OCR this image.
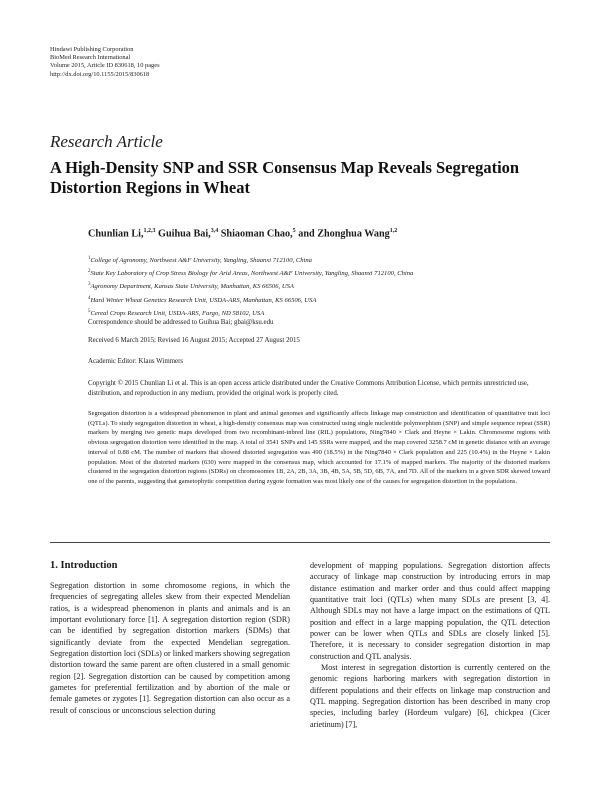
Hindawi Publishing Corporation
BioMed Research International
Volume 2015, Article ID 830618, 10 pages
http://dx.doi.org/10.1155/2015/830618
Research Article
A High-Density SNP and SSR Consensus Map Reveals Segregation Distortion Regions in Wheat
Chunlian Li,$^{1,2,3}$ Guihua Bai,$^{3,4}$ Shiaoman Chao,$^5$ and Zhonghua Wang$^{1,2}$
$^1$College of Agronomy, Northwest A&F University, Yangling, Shaanxi 712100, China
$^2$State Key Laboratory of Crop Stress Biology for Arid Areas, Northwest A&F University, Yangling, Shaanxi 712100, China
$^3$Agronomy Department, Kansas State University, Manhattan, KS 66506, USA
$^4$Hard Winter Wheat Genetics Research Unit, USDA-ARS, Manhattan, KS 66506, USA
$^5$Cereal Crops Research Unit, USDA-ARS, Fargo, ND 58102, USA
Correspondence should be addressed to Guihua Bai; gbai@ksu.edu
Received 6 March 2015; Revised 16 August 2015; Accepted 27 August 2015
Academic Editor: Klaus Wimmers
Copyright © 2015 Chunlian Li et al. This is an open access article distributed under the Creative Commons Attribution License, which permits unrestricted use, distribution, and reproduction in any medium, provided the original work is properly cited.
Segregation distortion is a widespread phenomenon in plant and animal genomes and significantly affects linkage map construction and identification of quantitative trait loci (QTLs). To study segregation distortion in wheat, a high-density consensus map was constructed using single nucleotide polymorphism (SNP) and simple sequence repeat (SSR) markers by merging two genetic maps developed from two recombinant-inbred line (RIL) populations, Ning7840 × Clark and Heyne × Lakin. Chromosome regions with obvious segregation distortion were identified in the map. A total of 3541 SNPs and 145 SSRs were mapped, and the map covered 3258.7 cM in genetic distance with an average interval of 0.88 cM. The number of markers that showed distorted segregation was 490 (18.5%) in the Ning7840 × Clark population and 225 (10.4%) in the Heyne × Lakin population. Most of the distorted markers (630) were mapped in the consensus map, which accounted for 17.1% of mapped markers. The majority of the distorted markers clustered in the segregation distortion regions (SDRs) on chromosomes 1B, 2A, 2B, 3A, 3B, 4B, 5A, 5B, 5D, 6B, 7A, and 7D. All of the markers in a given SDR skewed toward one of the parents, suggesting that gametophytic competition during zygote formation was most likely one of the causes for segregation distortion in the populations.
1. Introduction

Segregation distortion in some chromosome regions, in which the frequencies of segregating alleles skew from their expected Mendelian ratios, is a widespread phenomenon in plants and animals and is an important evolutionary force [1]. A segregation distortion region (SDR) can be identified by segregation distortion markers (SDMs) that significantly deviate from the expected Mendelian segregation. Segregation distortion loci (SDLs) or linked markers showing segregation distortion toward the same parent are often clustered in a small genomic region [2]. Segregation distortion can be caused by competition among gametes for preferential fertilization and by abortion of the male or female gametes or zygotes [1]. Segregation distortion can also occur as a result of conscious or unconscious selection during

development of mapping populations. Segregation distortion affects accuracy of linkage map construction by introducing errors in map distance estimation and marker order and thus could affect mapping quantitative trait loci (QTLs) when many SDLs are present [3, 4]. Although SDLs may not have a large impact on the estimations of QTL position and effect in a large mapping population, the QTL detection power can be lower when QTLs and SDLs are closely linked [5]. Therefore, it is necessary to consider segregation distortion in map construction and QTL analysis.

Most interest in segregation distortion is currently centered on the genomic regions harboring markers with segregation distortion in different populations and their effects on linkage map construction and QTL mapping. Segregation distortion has been described in many crop species, including barley (Hordeum vulgare) [6], chickpea (Cicer arietinum) [7],
